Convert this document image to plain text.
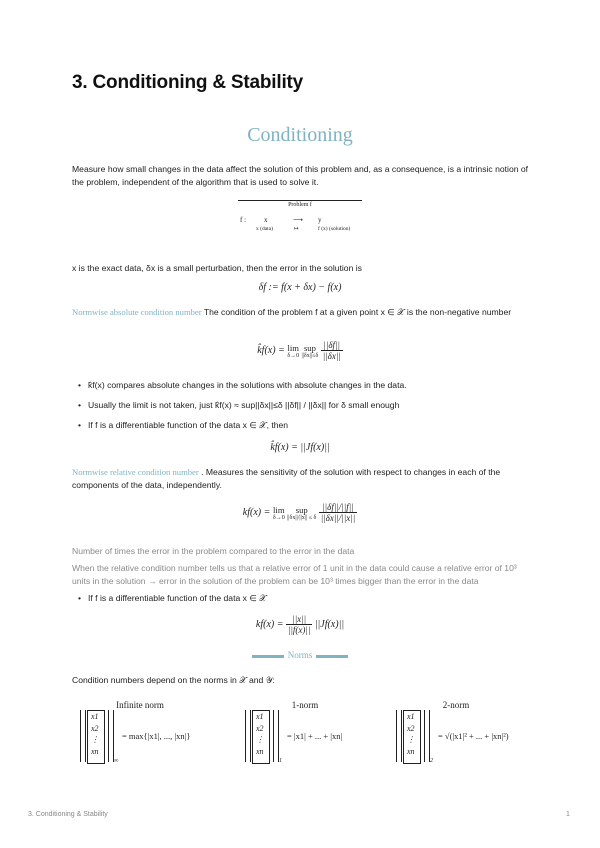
3. Conditioning & Stability
Conditioning
Measure how small changes in the data affect the solution of this problem and, as a consequence, is a intrinsic notion of the problem, independent of the algorithm that is used to solve it.
Problem f
f :	x	⟶ y
x (data)	↦	f (x) (solution)
x is the exact data, δx is a small perturbation, then the error in the solution is
δf := f(x + δx) − f(x)
Normwise absolute condition number The condition of the problem f at a given point x ∈ 𝒳 is the non-negative number
k̂f(x) = lim
δ→0
sup
||δx||≤δ
$\frac{||\delta f||}{||\delta x||}$
• k̂f(x) compares absolute changes in the solutions with absolute changes in the data.
• Usually the limit is not taken, just k̂f(x) ≈ sup||δx||≤δ ||δf|| / ||δx|| for δ small enough
• If f is a differentiable function of the data x ∈ 𝒳, then
k̂f(x) = ||Jf(x)||
Normwise relative condition number . Measures the sensitivity of the solution with respect to changes in each of the components of the data, independently.
kf(x) = lim
δ→0
sup
||δx||/||x|| ≤ δ
$\frac{||\delta f||/||f||}{||\delta x||/||x||}$
Number of times the error in the problem compared to the error in the data
When the relative condition number tells us that a relative error of 1 unit in the data could cause a relative error of 10³ units in the solution → error in the solution of the problem can be 10³ times bigger than the error in the data
• If f is a differentiable function of the data x ∈ 𝒳
$kf(x) = \frac{||x||}{||f(x)||} ||Jf(x)||$
Norms
Condition numbers depend on the norms in 𝒳 and 𝒴:
Infinite norm
x1
x2
⋮
xn
∞
= max{|x1|, ..., |xn|}
1-norm
x1
x2
⋮
xn
1
= |x1| + ... + |xn|
2-norm
x1
x2
⋮
xn
2
= √(|x1|² + ... + |xn|²)
3. Conditioning & Stability	1
